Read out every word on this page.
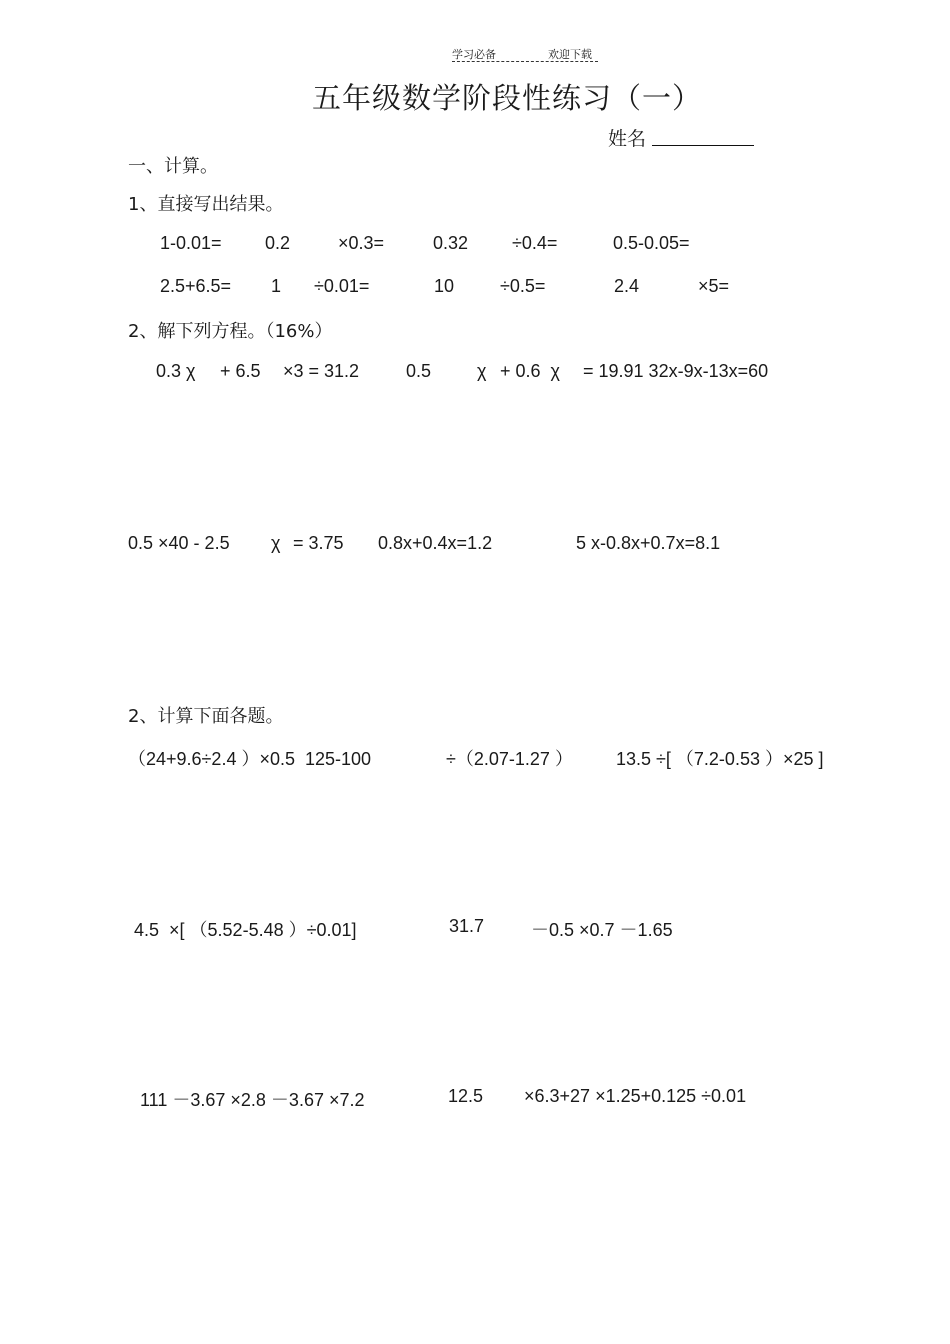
学习必备	欢迎下载
五年级数学阶段性练习（一）
姓名
一、计算。
1、直接写出结果。
1-0.01= 0.2	×0.3=	0.32 ÷0.4=	0.5-0.05=
2.5+6.5= 1 ÷0.01=	10	÷0.5=	2.4	×5=
2、解下列方程。（16%）
0.3 χ + 6.5 ×3 = 31.2	0.5	χ + 0.6  χ = 19.91 32x-9x-13x=60
0.5 ×40 - 2.5 χ = 3.75 0.8x+0.4x=1.2	5 x-0.8x+0.7x=8.1
2、计算下面各题。
（24+9.6÷2.4 ）×0.5  125-100	÷（2.07-1.27 ） 13.5 ÷[ （7.2-0.53 ）×25 ]
4.5  ×[ （5.52-5.48 ）÷0.01]	31.7	－0.5 ×0.7 －1.65
111 －3.67 ×2.8 －3.67 ×7.2	12.5 ×6.3+27 ×1.25+0.125 ÷0.01
